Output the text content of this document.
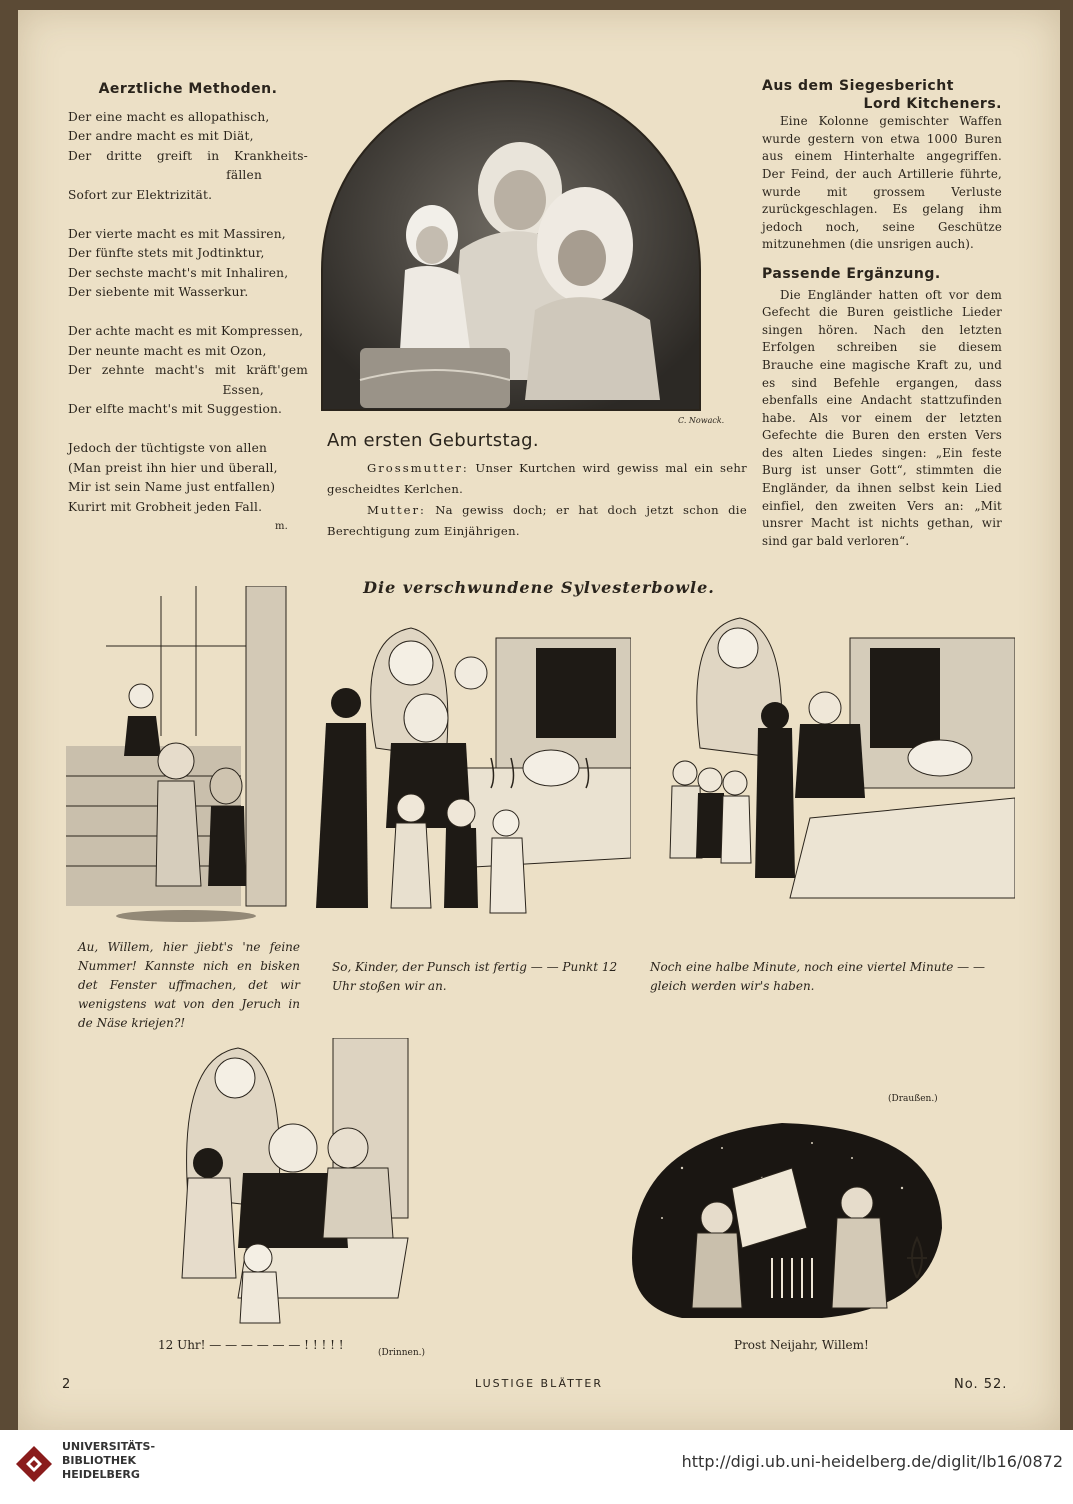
Aerztliche Methoden.
Der eine macht es allopathisch,
Der andre macht es mit Diät,
Der dritte greift in Krankheits-
fällen
Sofort zur Elektrizität.
Der vierte macht es mit Massiren,
Der fünfte stets mit Jodtinktur,
Der sechste macht's mit Inhaliren,
Der siebente mit Wasserkur.
Der achte macht es mit Kompressen,
Der neunte macht es mit Ozon,
Der zehnte macht's mit kräft'gem
Essen,
Der elfte macht's mit Suggestion.
Jedoch der tüchtigste von allen
(Man preist ihn hier und überall,
Mir ist sein Name just entfallen)
Kurirt mit Grobheit jeden Fall.
m.
C. Nowack.
Am ersten Geburtstag.
Grossmutter: Unser Kurtchen wird gewiss mal ein sehr gescheidtes Kerlchen.
Mutter: Na gewiss doch; er hat doch jetzt schon die Berechtigung zum Einjährigen.
Aus dem Siegesbericht
Lord Kitcheners.
Eine Kolonne gemischter Waffen wurde gestern von etwa 1000 Buren aus einem Hinterhalte angegriffen. Der Feind, der auch Artillerie führte, wurde mit grossem Verluste zurückgeschlagen. Es gelang ihm jedoch noch, seine Geschütze mitzunehmen (die unsrigen auch).
Passende Ergänzung.
Die Engländer hatten oft vor dem Gefecht die Buren geistliche Lieder singen hören. Nach den letzten Erfolgen schreiben sie diesem Brauche eine magische Kraft zu, und es sind Befehle ergangen, dass ebenfalls eine Andacht stattzufinden habe. Als vor einem der letzten Gefechte die Buren den ersten Vers des alten Liedes singen: „Ein feste Burg ist unser Gott“, stimmten die Engländer, da ihnen selbst kein Lied einfiel, den zweiten Vers an: „Mit unsrer Macht ist nichts gethan, wir sind gar bald verloren“.
Die verschwundene Sylvesterbowle.
Au, Willem, hier jiebt's 'ne feine Nummer! Kannste nich en bisken det Fenster uffmachen, det wir wenigstens wat von den Jeruch in de Näse kriejen?!
So, Kinder, der Punsch ist fertig — — Punkt 12 Uhr stoßen wir an.
Noch eine halbe Minute, noch eine viertel Minute — — gleich werden wir's haben.
(Drinnen.)
12 Uhr! — — — — — — ! ! ! ! !
(Draußen.)
Prost Neijahr, Willem!
2	LUSTIGE BLÄTTER	No. 52.
UNIVERSITÄTS-
BIBLIOTHEK
HEIDELBERG
http://digi.ub.uni-heidelberg.de/diglit/lb16/0872
